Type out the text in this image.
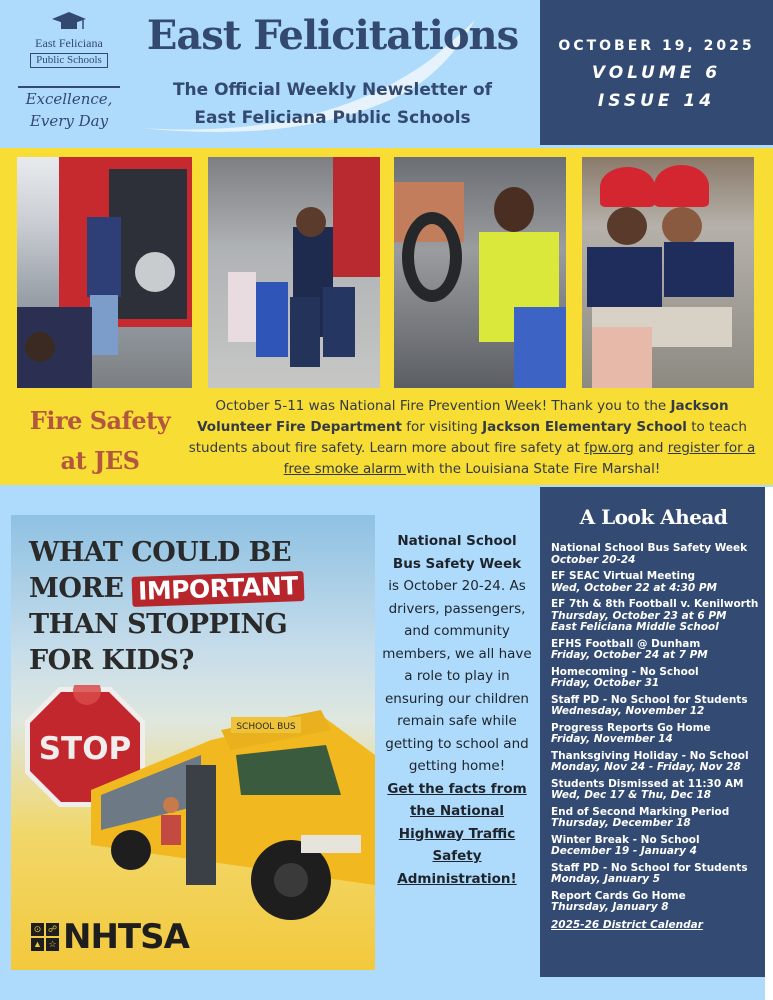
East Feliciana
Public Schools
Excellence,
Every Day
East Felicitations
The Official Weekly Newsletter of
East Feliciana Public Schools
OCTOBER 19, 2025
VOLUME 6
ISSUE 14
Fire Safety
at JES
October 5-11 was National Fire Prevention Week! Thank you to the Jackson Volunteer Fire Department for visiting Jackson Elementary School to teach students about fire safety. Learn more about fire safety at fpw.org and register for a free smoke alarm with the Louisiana State Fire Marshal!
WHAT COULD BE
MORE IMPORTANT
THAN STOPPING
FOR KIDS?
STOP
SCHOOL BUS
⊙ ☍
▲ ☆ NHTSA
National School Bus Safety Week
is October 20-24. As drivers, passengers, and community members, we all have a role to play in ensuring our children remain safe while getting to school and getting home!
Get the facts from the National Highway Traffic Safety Administration!
A Look Ahead
National School Bus Safety Week
October 20-24
EF SEAC Virtual Meeting
Wed, October 22 at 4:30 PM
EF 7th & 8th Football v. Kenilworth
Thursday, October 23 at 6 PM
East Feliciana Middle School
EFHS Football @ Dunham
Friday, October 24 at 7 PM
Homecoming - No School
Friday, October 31
Staff PD - No School for Students
Wednesday, November 12
Progress Reports Go Home
Friday, November 14
Thanksgiving Holiday - No School
Monday, Nov 24 - Friday, Nov 28
Students Dismissed at 11:30 AM
Wed, Dec 17 & Thu, Dec 18
End of Second Marking Period
Thursday, December 18
Winter Break - No School
December 19 - January 4
Staff PD - No School for Students
Monday, January 5
Report Cards Go Home
Thursday, January 8
2025-26 District Calendar
